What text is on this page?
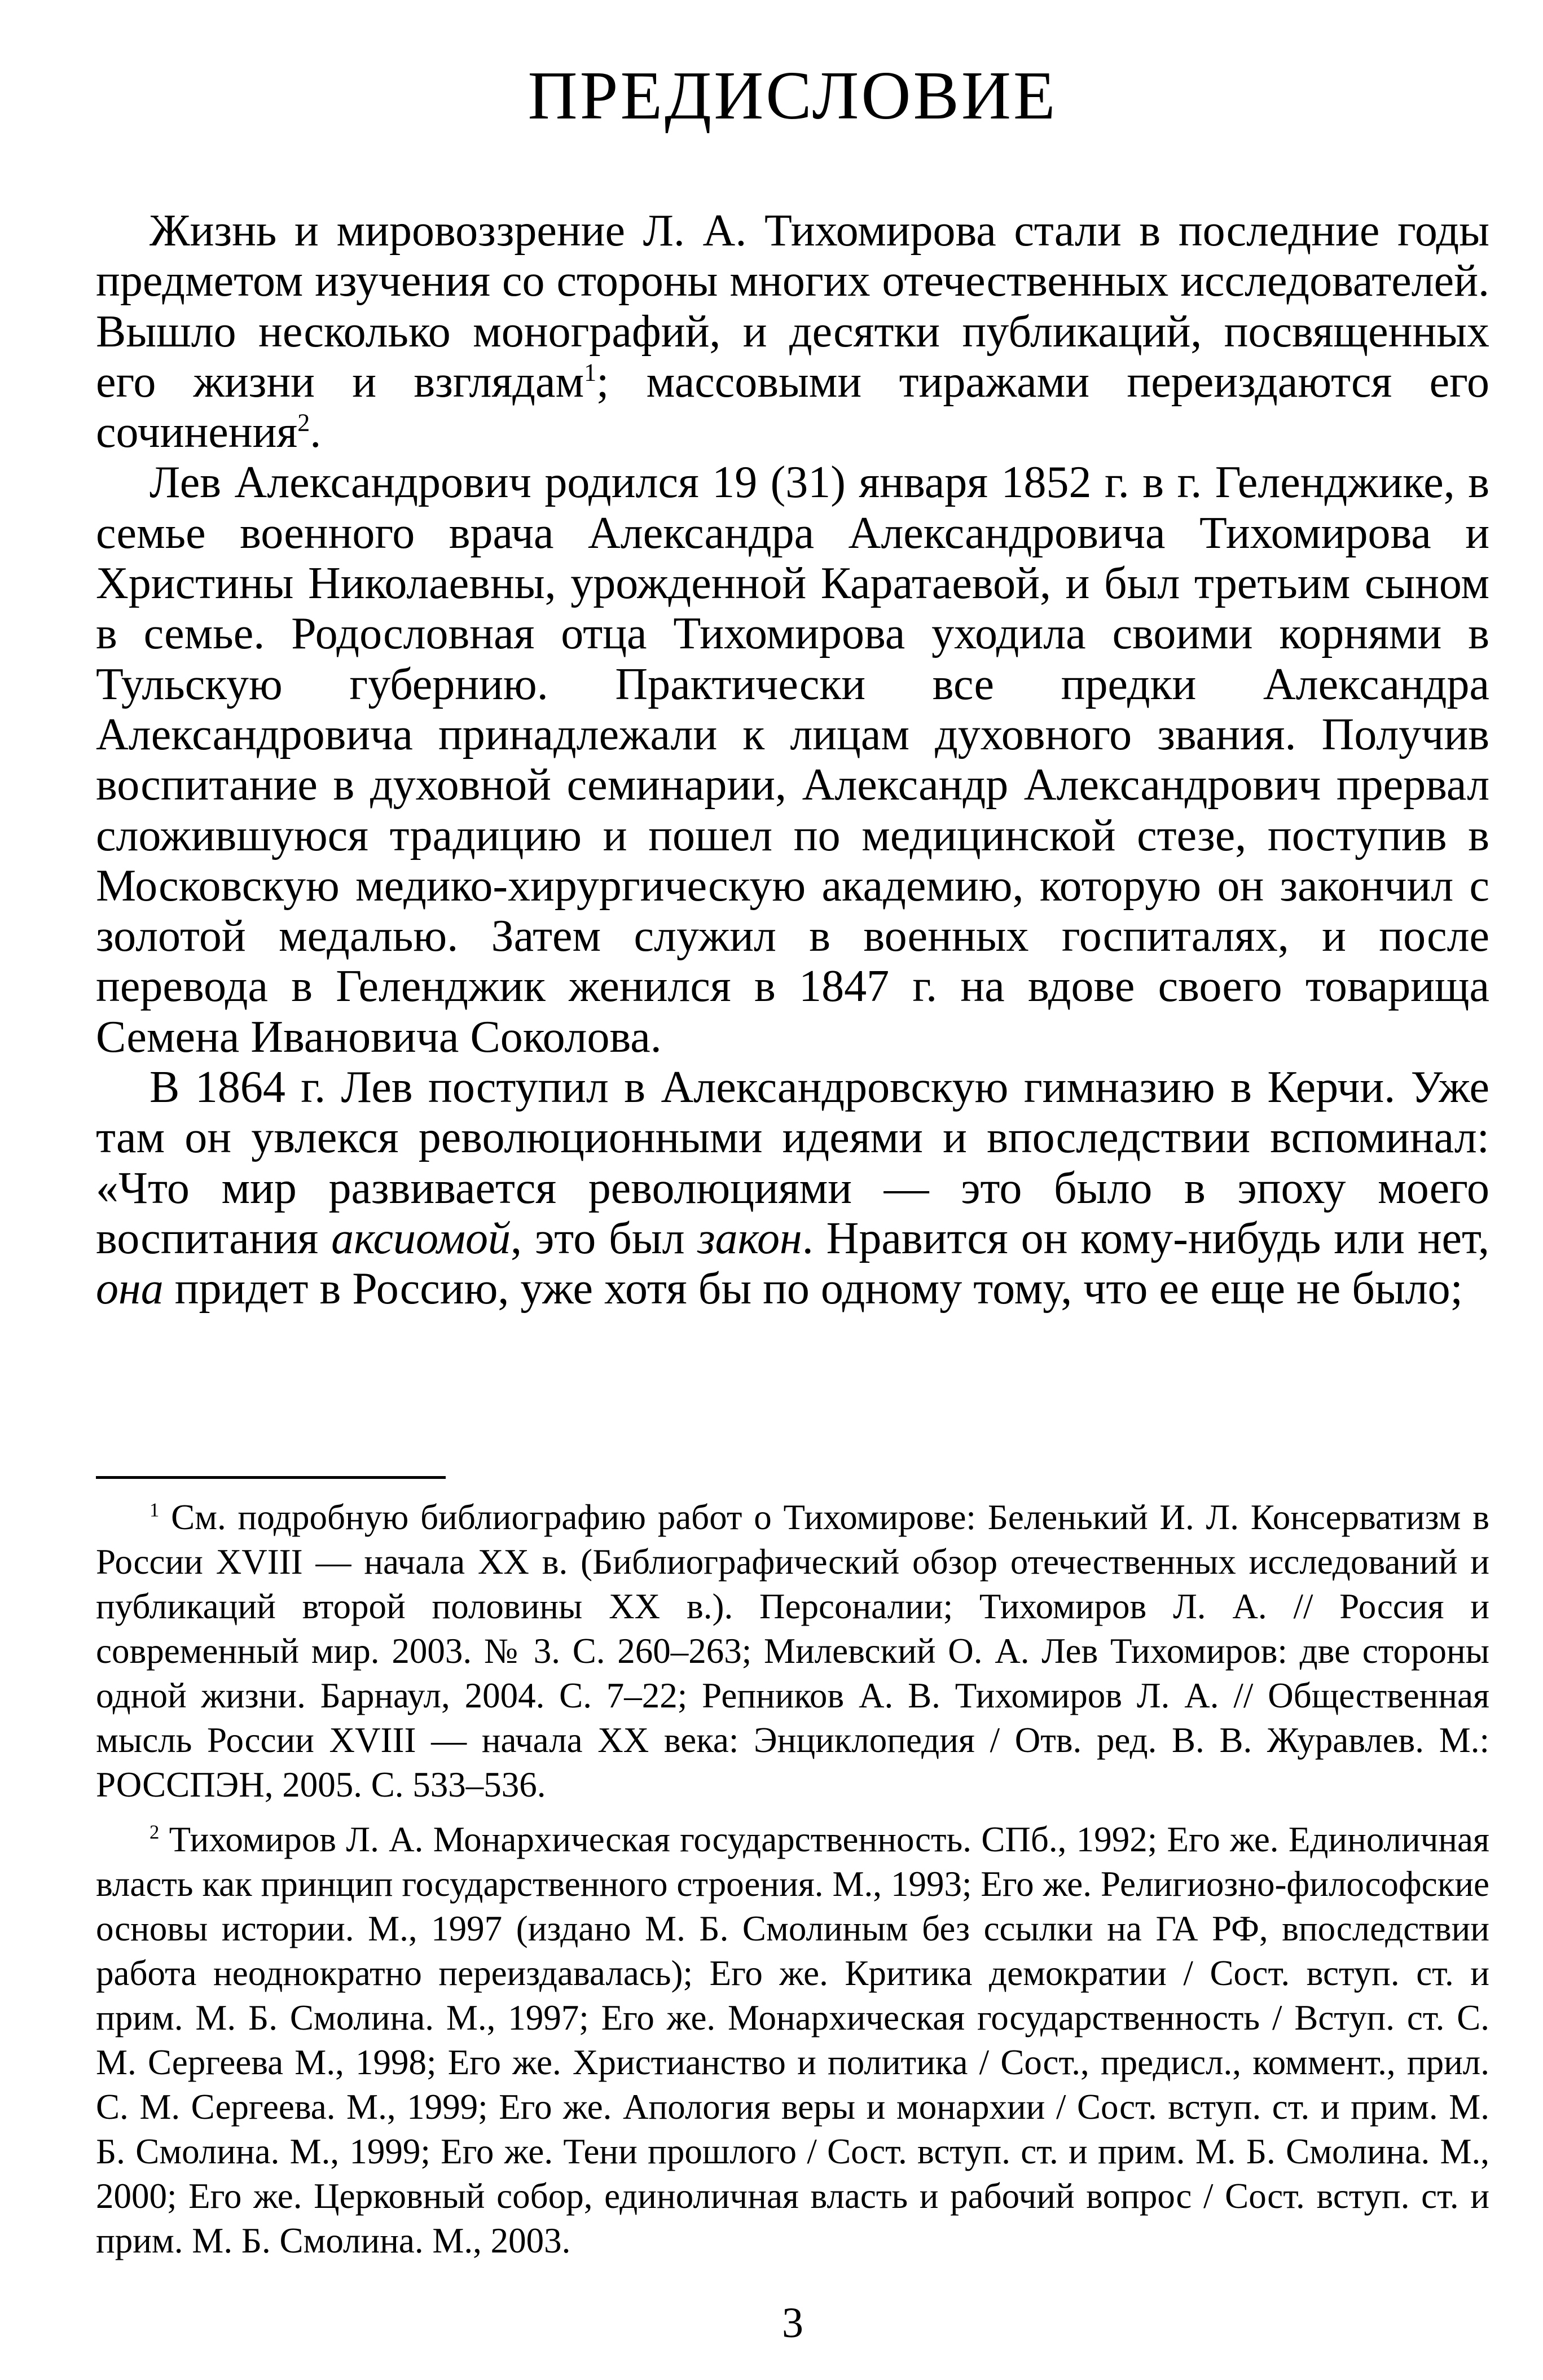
ПРЕДИСЛОВИЕ

Жизнь и мировоззрение Л. А. Тихомирова стали в последние годы предметом изучения со стороны многих отечественных исследователей. Вышло несколько монографий, и десятки публикаций, посвященных его жизни и взглядам$^1$; массовыми тиражами переиздаются его сочинения$^2$.

Лев Александрович родился 19 (31) января 1852 г. в г. Геленджике, в семье военного врача Александра Александровича Тихомирова и Христины Николаевны, урожденной Каратаевой, и был третьим сыном в семье. Родословная отца Тихомирова уходила своими корнями в Тульскую губернию. Практически все предки Александра Александровича принадлежали к лицам духовного звания. Получив воспитание в духовной семинарии, Александр Александрович прервал сложившуюся традицию и пошел по медицинской стезе, поступив в Московскую медико-хирургическую академию, которую он закончил с золотой медалью. Затем служил в военных госпиталях, и после перевода в Геленджик женился в 1847 г. на вдове своего товарища Семена Ивановича Соколова.

В 1864 г. Лев поступил в Александровскую гимназию в Керчи. Уже там он увлекся революционными идеями и впоследствии вспоминал: «Что мир развивается революциями — это было в эпоху моего воспитания аксиомой, это был закон. Нравится он кому-нибудь или нет, она придет в Россию, уже хотя бы по одному тому, что ее еще не было;

$^1$ См. подробную библиографию работ о Тихомирове: Беленький И. Л. Консерватизм в России XVIII — начала XX в. (Библиографический обзор отечественных исследований и публикаций второй половины XX в.). Персоналии; Тихомиров Л. А. // Россия и современный мир. 2003. № 3. С. 260–263; Милевский О. А. Лев Тихомиров: две стороны одной жизни. Барнаул, 2004. С. 7–22; Репников А. В. Тихомиров Л. А. // Общественная мысль России XVIII — начала XX века: Энциклопедия / Отв. ред. В. В. Журавлев. М.: РОССПЭН, 2005. С. 533–536.

$^2$ Тихомиров Л. А. Монархическая государственность. СПб., 1992; Его же. Единоличная власть как принцип государственного строения. М., 1993; Его же. Религиозно-философские основы истории. М., 1997 (издано М. Б. Смолиным без ссылки на ГА РФ, впоследствии работа неоднократно переиздавалась); Его же. Критика демократии / Сост. вступ. ст. и прим. М. Б. Смолина. М., 1997; Его же. Монархическая государственность / Вступ. ст. С. М. Сергеева М., 1998; Его же. Христианство и политика / Сост., предисл., коммент., прил. С. М. Сергеева. М., 1999; Его же. Апология веры и монархии / Сост. вступ. ст. и прим. М. Б. Смолина. М., 1999; Его же. Тени прошлого / Сост. вступ. ст. и прим. М. Б. Смолина. М., 2000; Его же. Церковный собор, единоличная власть и рабочий вопрос / Сост. вступ. ст. и прим. М. Б. Смолина. М., 2003.

3
